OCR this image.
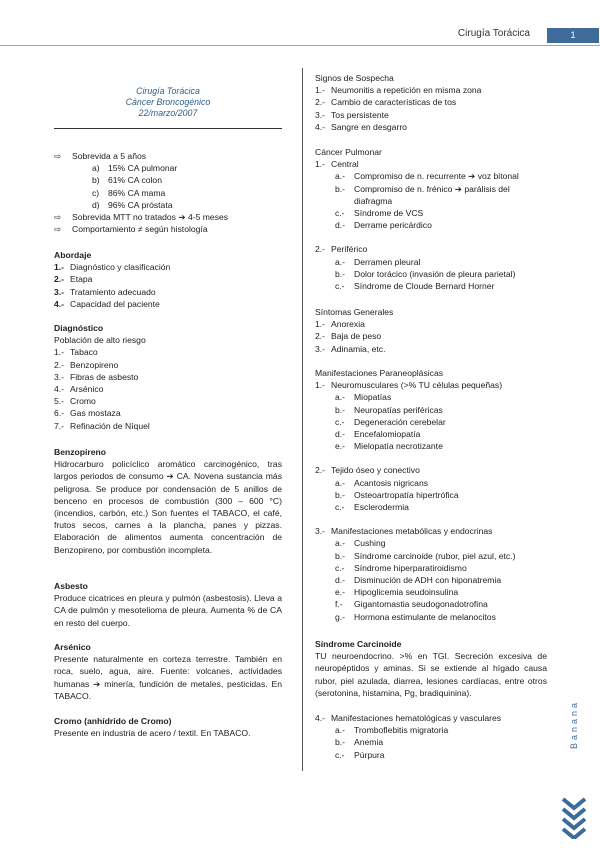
Cirugía Torácica	1
Cirugía Torácica
Cáncer Broncogénico
22/marzo/2007
⇨ Sobrevida a 5 años
a) 15% CA pulmonar
b) 61% CA colon
c) 86% CA mama
d) 96% CA próstata
⇨ Sobrevida MTT no tratados ➔ 4-5 meses
⇨ Comportamiento ≠ según histología
Abordaje
1.- Diagnóstico y clasificación
2.- Etapa
3.- Tratamiento adecuado
4.- Capacidad del paciente
Diagnóstico
Población de alto riesgo
1.- Tabaco
2.- Benzopireno
3.- Fibras de asbesto
4.- Arsénico
5.- Cromo
6.- Gas mostaza
7.- Refinación de Níquel
Benzopireno
Hidrocarburo policíclico aromático carcinogénico, tras largos periodos de consumo ➔ CA. Novena sustancia más peligrosa. Se produce por condensación de 5 anillos de benceno en procesos de combustión (300 – 600 °C) (incendios, carbón, etc.) Son fuentes el TABACO, el café, frutos secos, carnes a la plancha, panes y pizzas. Elaboración de alimentos aumenta concentración de Benzopireno, por combustión incompleta.
Asbesto
Produce cicatrices en pleura y pulmón (asbestosis). Lleva a CA de pulmón y mesotelioma de pleura. Aumenta % de CA en resto del cuerpo.
Arsénico
Presente naturalmente en corteza terrestre. También en roca, suelo, agua, aire. Fuente: volcanes, actividades humanas ➔ minería, fundición de metales, pesticidas. En TABACO.
Cromo (anhídrido de Cromo)
Presente en industria de acero / textil. En TABACO.
Signos de Sospecha
1.- Neumonitis a repetición en misma zona
2.- Cambio de características de tos
3.- Tos persistente
4.- Sangre en desgarro
Cáncer Pulmonar
1.- Central
a.- Compromiso de n. recurrente ➔ voz bitonal
b.- Compromiso de n. frénico ➔ parálisis del diafragma
c.- Síndrome de VCS
d.- Derrame pericárdico
2.- Periférico
a.- Derramen pleural
b.- Dolor torácico (invasión de pleura parietal)
c.- Síndrome de Cloude Bernard Horner
Síntomas Generales
1.- Anorexia
2.- Baja de peso
3.- Adinamia, etc.
Manifestaciones Paraneoplásicas
1.- Neuromusculares (>% TU células pequeñas)
a.- Miopatías
b.- Neuropatías periféricas
c.- Degeneración cerebelar
d.- Encefalomiopatía
e.- Mielopatía necrotizante
2.- Tejido óseo y conectivo
a.- Acantosis nigricans
b.- Osteoartropatía hipertrófica
c.- Esclerodermia
3.- Manifestaciones metabólicas y endocrinas
a.- Cushing
b.- Síndrome carcinoide (rubor, piel azul, etc.)
c.- Síndrome hiperparatiroidismo
d.- Disminución de ADH con hiponatremia
e.- Hipoglicemia seudoinsulina
f.- Gigantomastia seudogonadotrofina
g.- Hormona estimulante de melanocitos
Síndrome Carcinoide
TU neuroendocrino. >% en TGI. Secreción excesiva de neuropéptidos y aminas. Si se extiende al hígado causa rubor, piel azulada, diarrea, lesiones cardíacas, entre otros (serotonina, histamina, Pg, bradiquinina).
4.- Manifestaciones hematológicas y vasculares
a.- Tromboflebitis migratoria
b.- Anemia
c.- Púrpura
Banana
